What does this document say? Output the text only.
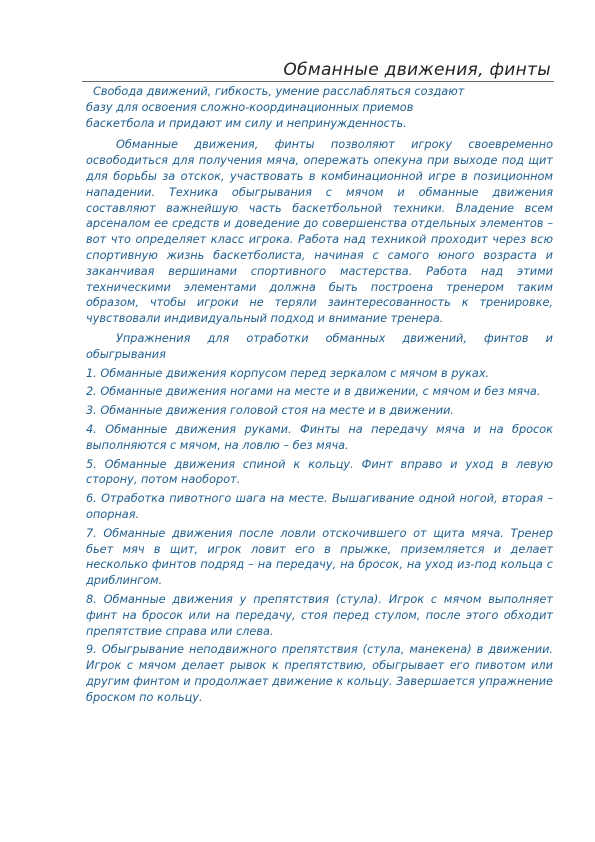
Обманные движения, финты

Свобода движений, гибкость, умение расслабляться создают
базу для освоения сложно-координационных приемов
баскетбола и придают им силу и непринужденность.

Обманные движения, финты позволяют игроку своевременно освободиться для получения мяча, опережать опекуна при выходе под щит для борьбы за отскок, участвовать в комбинационной игре в позиционном нападении. Техника обыгрывания с мячом и обманные движения составляют важнейшую часть баскетбольной техники. Владение всем арсеналом ее средств и доведение до совершенства отдельных элементов – вот что определяет класс игрока. Работа над техникой проходит через всю спортивную жизнь баскетболиста, начиная с самого юного возраста и заканчивая вершинами спортивного мастерства. Работа над этими техническими элементами должна быть построена тренером таким образом, чтобы игроки не теряли заинтересованность к тренировке, чувствовали индивидуальный подход и внимание тренера.

Упражнения для отработки обманных движений, финтов и обыгрывания

1. Обманные движения корпусом перед зеркалом с мячом в руках.

2. Обманные движения ногами на месте и в движении, с мячом и без мяча.

3. Обманные движения головой стоя на месте и в движении.

4. Обманные движения руками. Финты на передачу мяча и на бросок выполняются с мячом, на ловлю – без мяча.

5. Обманные движения спиной к кольцу. Финт вправо и уход в левую сторону, потом наоборот.

6. Отработка пивотного шага на месте. Вышагивание одной ногой, вторая – опорная.

7. Обманные движения после ловли отскочившего от щита мяча. Тренер бьет мяч в щит, игрок ловит его в прыжке, приземляется и делает несколько финтов подряд – на передачу, на бросок, на уход из-под кольца с дриблингом.

8. Обманные движения у препятствия (стула). Игрок с мячом выполняет финт на бросок или на передачу, стоя перед стулом, после этого обходит препятствие справа или слева.

9. Обыгрывание неподвижного препятствия (стула, манекена) в движении. Игрок с мячом делает рывок к препятствию, обыгрывает его пивотом или другим финтом и продолжает движение к кольцу. Завершается упражнение броском по кольцу.
